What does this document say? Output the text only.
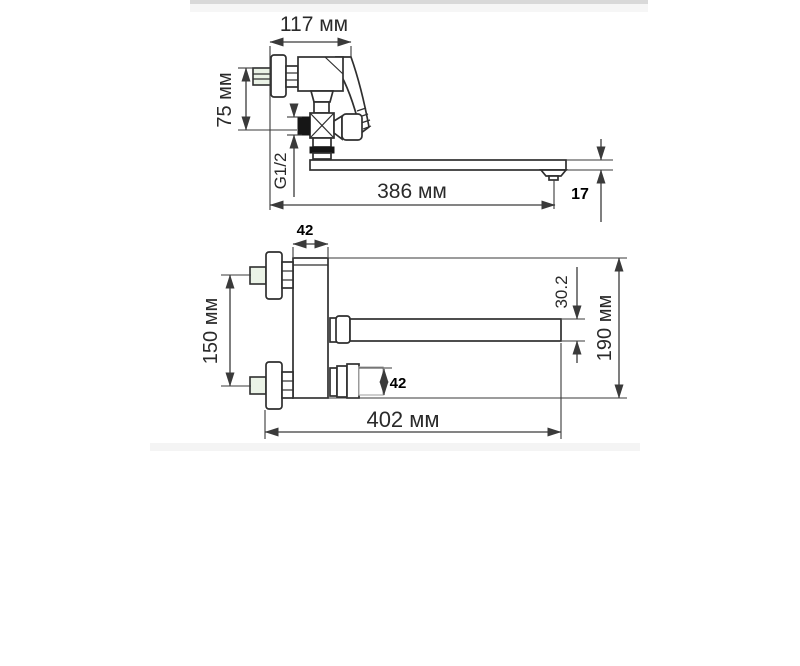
117 мм
75 мм
G1/2
386 мм	17
42
150 мм
30.2
190 мм
42
402 мм
